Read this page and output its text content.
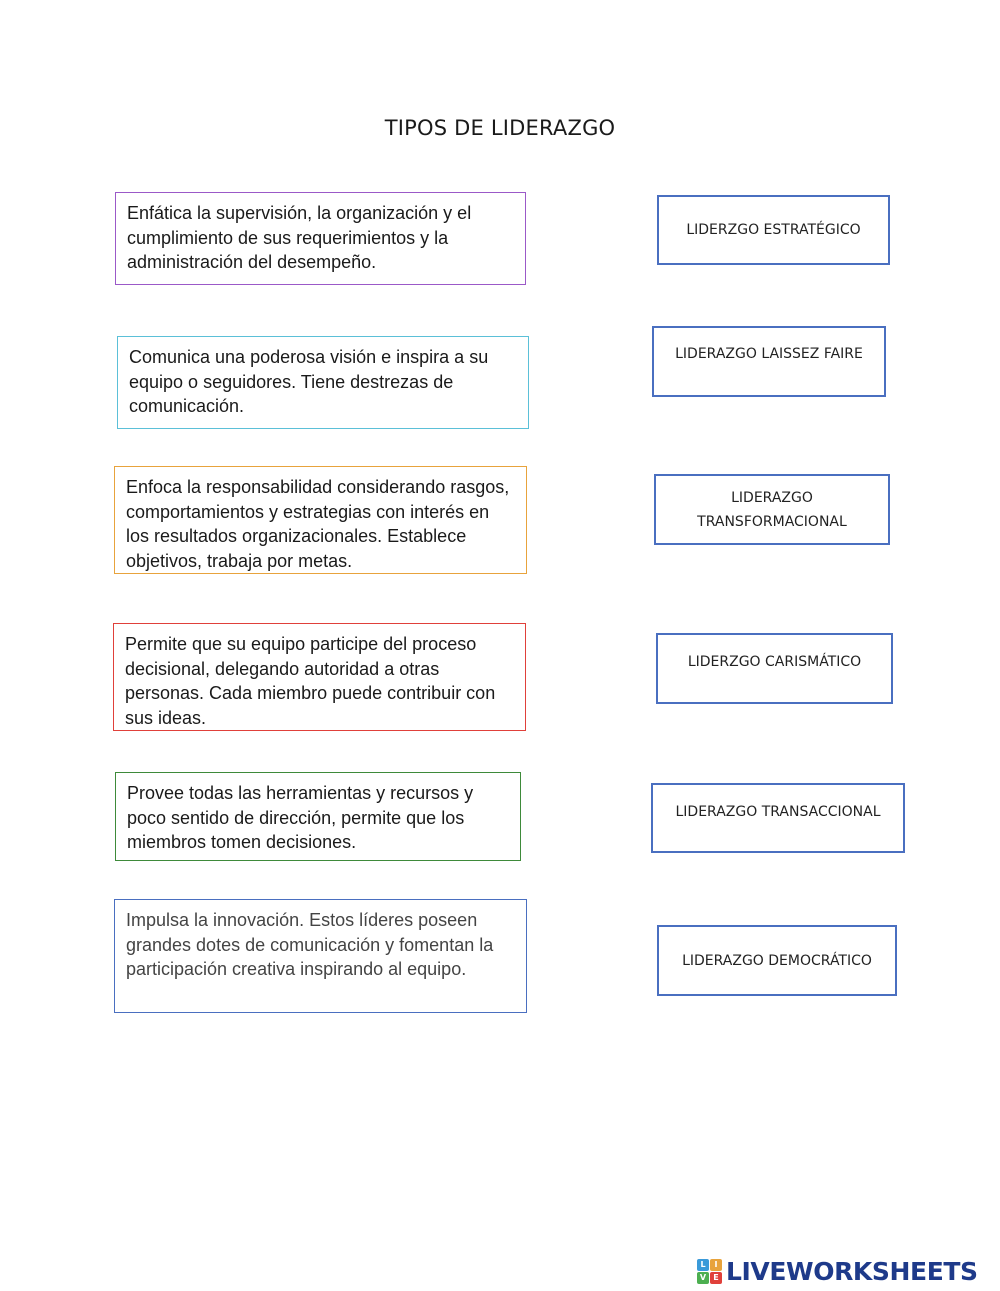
TIPOS DE LIDERAZGO
Enfática la supervisión, la organización y el cumplimiento de sus requerimientos y la administración del desempeño.
Comunica una poderosa visión e inspira a su equipo o seguidores. Tiene destrezas de comunicación.
Enfoca la responsabilidad considerando rasgos, comportamientos y estrategias con interés en los resultados organizacionales. Establece objetivos, trabaja por metas.
Permite que su equipo participe del proceso decisional, delegando autoridad a otras personas. Cada miembro puede contribuir con sus ideas.
Provee todas las herramientas y recursos y poco sentido de dirección, permite que los miembros tomen decisiones.
Impulsa la innovación. Estos líderes poseen grandes dotes de comunicación y fomentan la participación creativa inspirando al equipo.
LIDERZGO ESTRATÉGICO
LIDERAZGO LAISSEZ FAIRE
LIDERAZGO
TRANSFORMACIONAL
LIDERZGO CARISMÁTICO
LIDERAZGO TRANSACCIONAL
LIDERAZGO DEMOCRÁTICO
L	I
V E LIVEWORKSHEETS
